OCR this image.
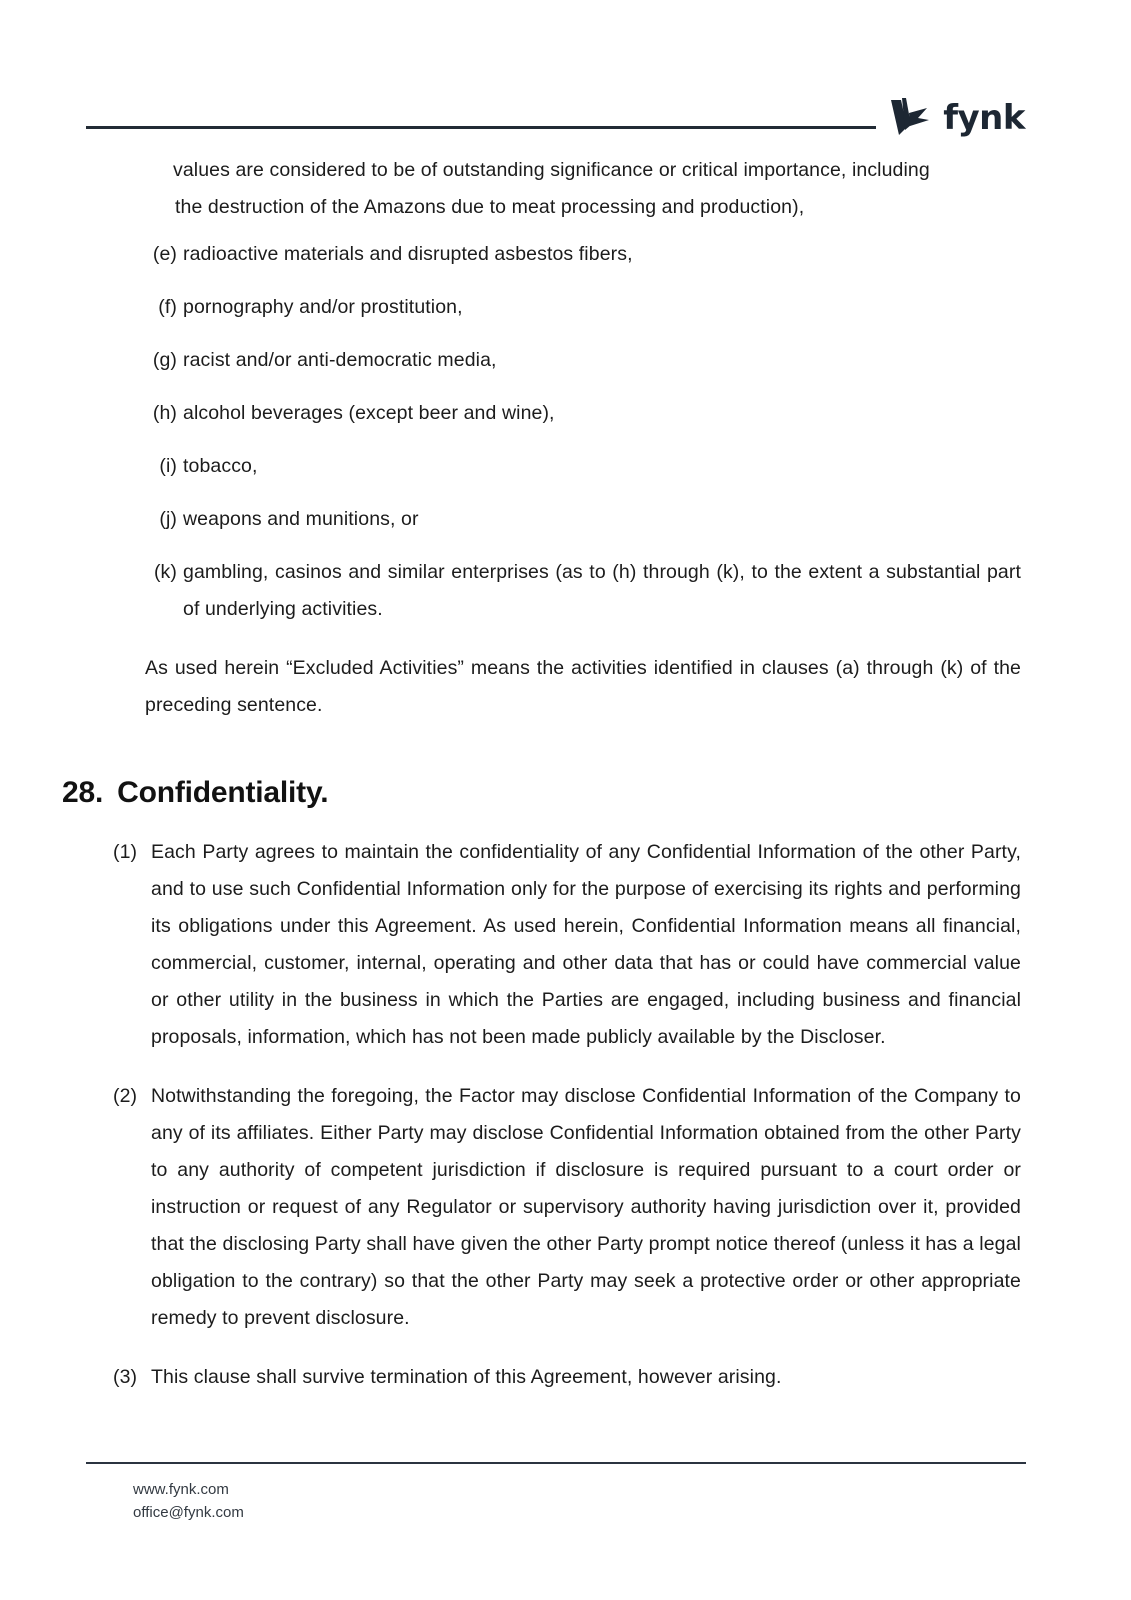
fynk
values are considered to be of outstanding significance or critical importance, including
the destruction of the Amazons due to meat processing and production),
(e) radioactive materials and disrupted asbestos fibers,
(f) pornography and/or prostitution,
(g) racist and/or anti-democratic media,
(h) alcohol beverages (except beer and wine),
(i) tobacco,
(j) weapons and munitions, or
(k) gambling, casinos and similar enterprises (as to (h) through (k), to the extent a substantial part of underlying activities.
As used herein “Excluded Activities” means the activities identified in clauses (a) through (k) of the preceding sentence.
28. Confidentiality.
(1) Each Party agrees to maintain the confidentiality of any Confidential Information of the other Party, and to use such Confidential Information only for the purpose of exercising its rights and performing its obligations under this Agreement. As used herein, Confidential Information means all financial, commercial, customer, internal, operating and other data that has or could have commercial value or other utility in the business in which the Parties are engaged, including business and financial proposals, information, which has not been made publicly available by the Discloser.
(2) Notwithstanding the foregoing, the Factor may disclose Confidential Information of the Company to any of its affiliates. Either Party may disclose Confidential Information obtained from the other Party to any authority of competent jurisdiction if disclosure is required pursuant to a court order or instruction or request of any Regulator or supervisory authority having jurisdiction over it, provided that the disclosing Party shall have given the other Party prompt notice thereof (unless it has a legal obligation to the contrary) so that the other Party may seek a protective order or other appropriate remedy to prevent disclosure.
(3) This clause shall survive termination of this Agreement, however arising.
www.fynk.com
office@fynk.com
